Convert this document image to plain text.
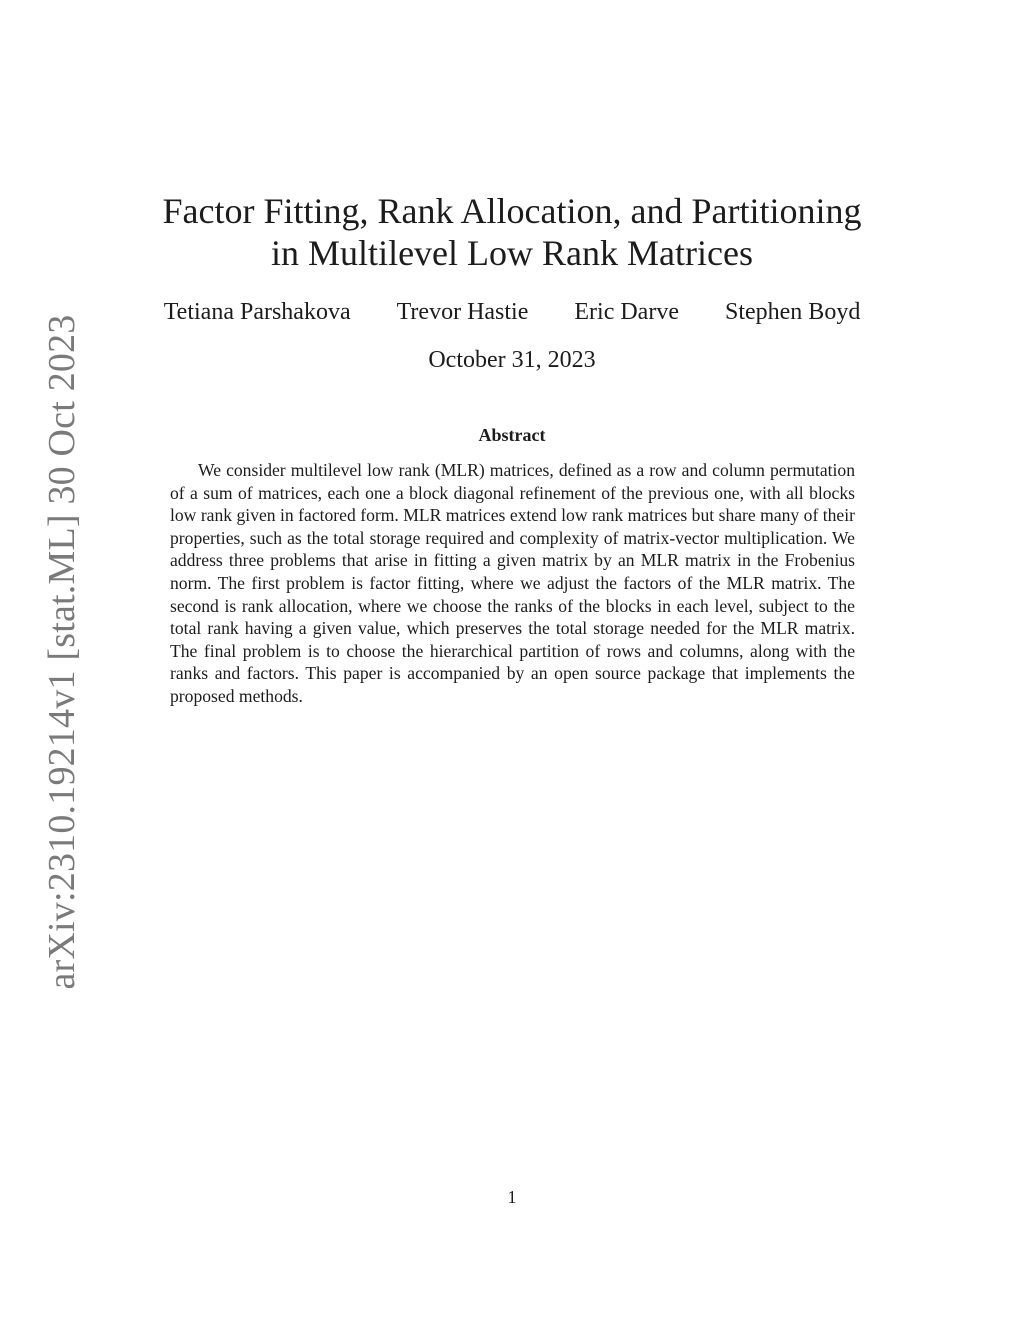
arXiv:2310.19214v1 [stat.ML] 30 Oct 2023
Factor Fitting, Rank Allocation, and Partitioning
in Multilevel Low Rank Matrices
Tetiana Parshakova Trevor Hastie Eric Darve Stephen Boyd
October 31, 2023
Abstract

We consider multilevel low rank (MLR) matrices, defined as a row and column permutation of a sum of matrices, each one a block diagonal refinement of the previous one, with all blocks low rank given in factored form. MLR matrices extend low rank matrices but share many of their properties, such as the total storage required and complexity of matrix-vector multiplication. We address three problems that arise in fitting a given matrix by an MLR matrix in the Frobenius norm. The first problem is factor fitting, where we adjust the factors of the MLR matrix. The second is rank allocation, where we choose the ranks of the blocks in each level, subject to the total rank having a given value, which preserves the total storage needed for the MLR matrix. The final problem is to choose the hierarchical partition of rows and columns, along with the ranks and factors. This paper is accompanied by an open source package that implements the proposed methods.

1
